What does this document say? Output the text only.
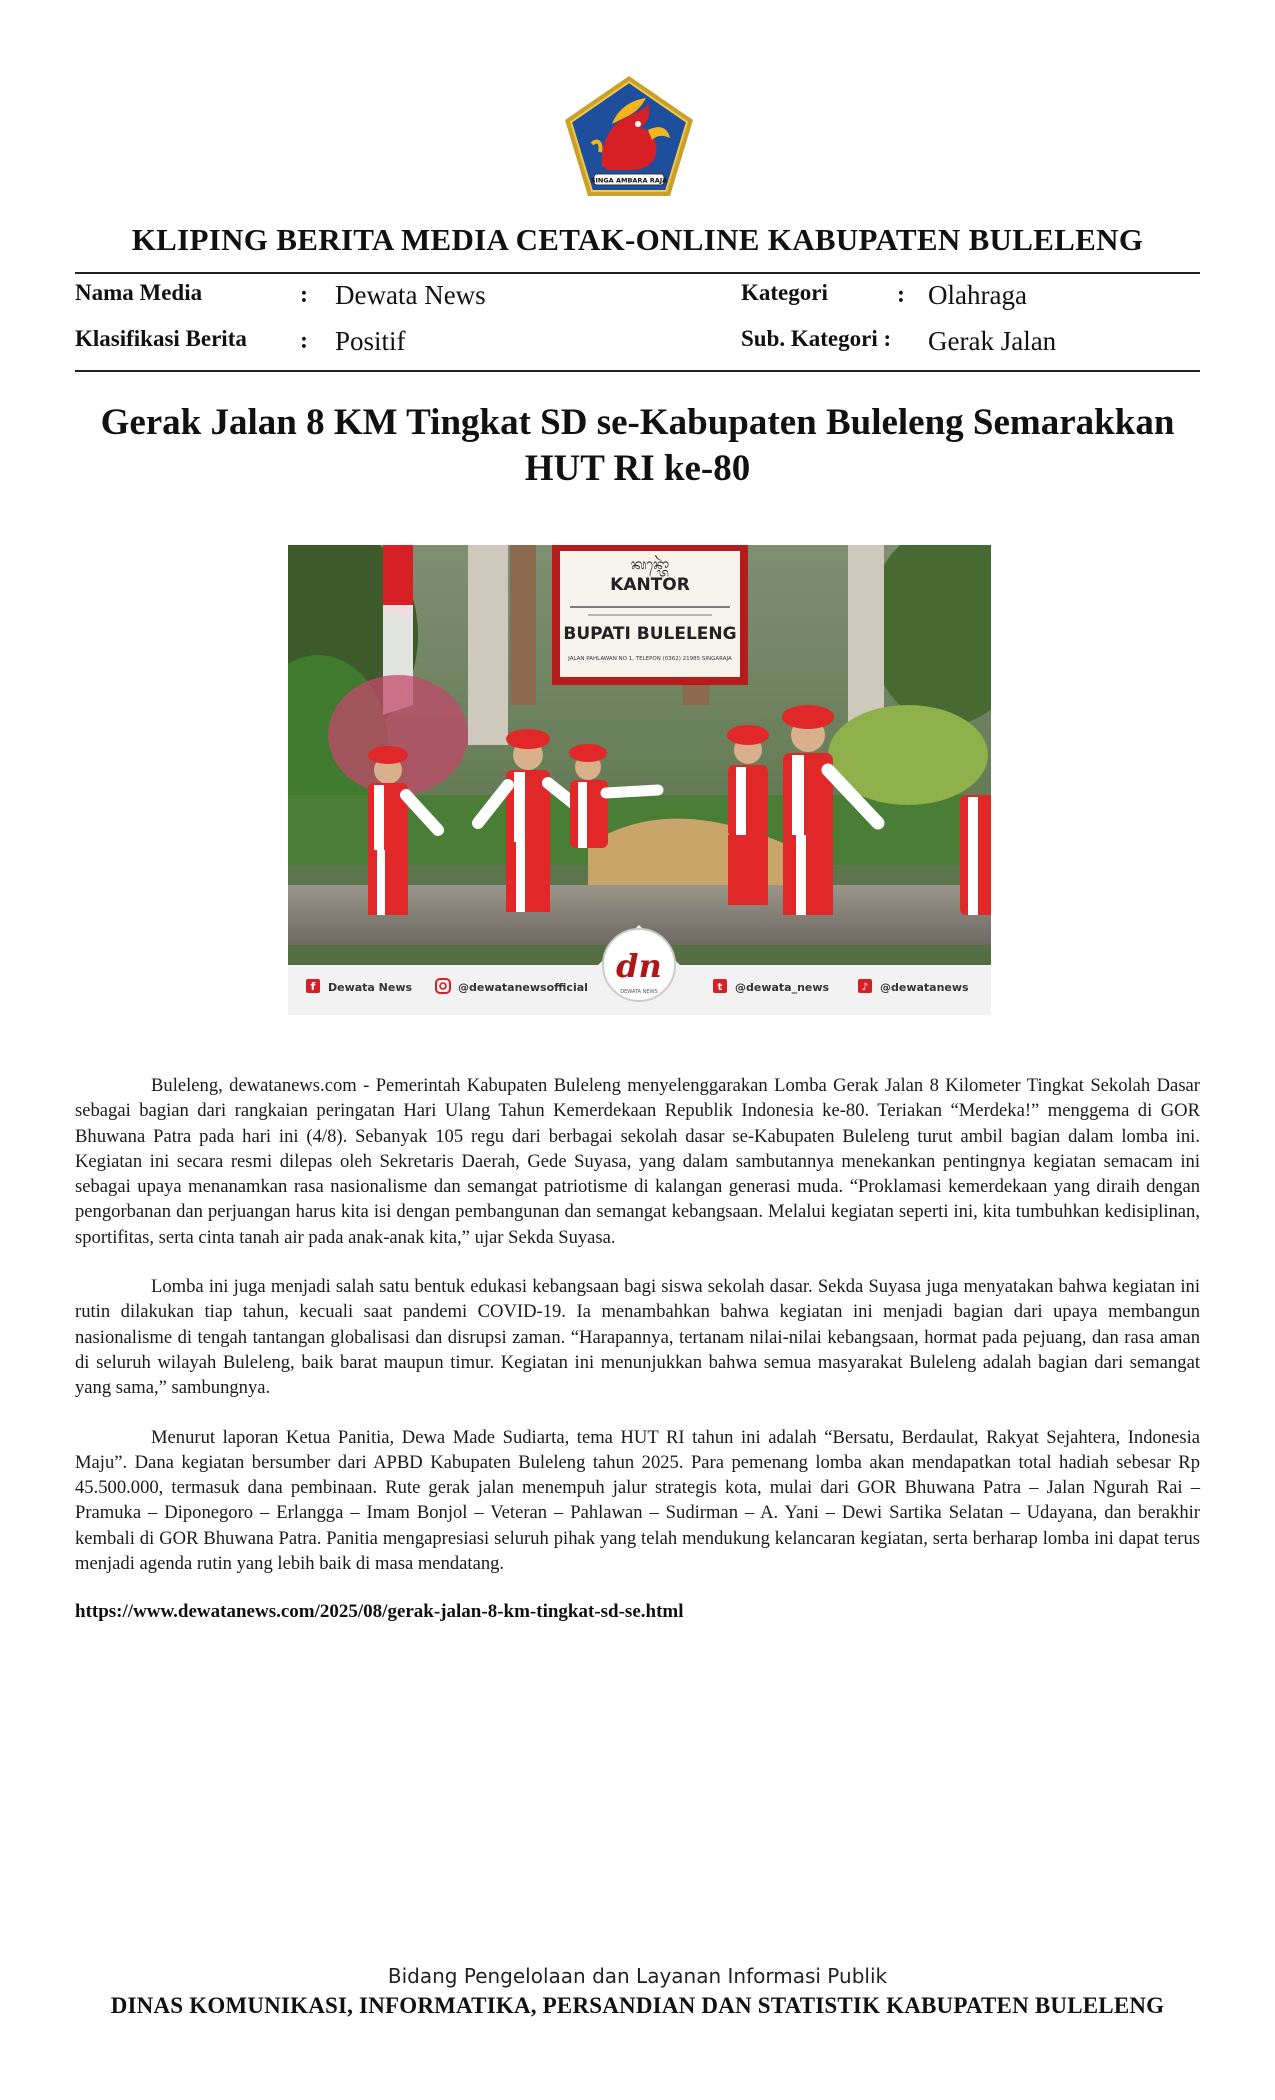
SINGA AMBARA RAJA
KLIPING BERITA MEDIA CETAK-ONLINE KABUPATEN BULELENG
Nama Media	: Dewata News	Kategori	: Olahraga
Klasifikasi Berita : Positif	Sub. Kategori : Gerak Jalan
Gerak Jalan 8 KM Tingkat SD se-Kabupaten Buleleng Semarakkan
HUT RI ke-80
ᬓᬦ᭄ᬢᭀᬃ
KANTOR
BUPATI BULELENG
JALAN PAHLAWAN NO 1, TELEPON (0362) 21985 SINGARAJA
dn
DEWATA NEWS
f Dewata News	@dewatanewsofficial	t @dewata_news	♪ @dewatanews

Buleleng, dewatanews.com - Pemerintah Kabupaten Buleleng menyelenggarakan Lomba Gerak Jalan 8 Kilometer Tingkat Sekolah Dasar sebagai bagian dari rangkaian peringatan Hari Ulang Tahun Kemerdekaan Republik Indonesia ke-80. Teriakan “Merdeka!” menggema di GOR Bhuwana Patra pada hari ini (4/8). Sebanyak 105 regu dari berbagai sekolah dasar se-Kabupaten Buleleng turut ambil bagian dalam lomba ini. Kegiatan ini secara resmi dilepas oleh Sekretaris Daerah, Gede Suyasa, yang dalam sambutannya menekankan pentingnya kegiatan semacam ini sebagai upaya menanamkan rasa nasionalisme dan semangat patriotisme di kalangan generasi muda. “Proklamasi kemerdekaan yang diraih dengan pengorbanan dan perjuangan harus kita isi dengan pembangunan dan semangat kebangsaan. Melalui kegiatan seperti ini, kita tumbuhkan kedisiplinan, sportifitas, serta cinta tanah air pada anak-anak kita,” ujar Sekda Suyasa.

Lomba ini juga menjadi salah satu bentuk edukasi kebangsaan bagi siswa sekolah dasar. Sekda Suyasa juga menyatakan bahwa kegiatan ini rutin dilakukan tiap tahun, kecuali saat pandemi COVID-19. Ia menambahkan bahwa kegiatan ini menjadi bagian dari upaya membangun nasionalisme di tengah tantangan globalisasi dan disrupsi zaman. “Harapannya, tertanam nilai-nilai kebangsaan, hormat pada pejuang, dan rasa aman di seluruh wilayah Buleleng, baik barat maupun timur. Kegiatan ini menunjukkan bahwa semua masyarakat Buleleng adalah bagian dari semangat yang sama,” sambungnya.

Menurut laporan Ketua Panitia, Dewa Made Sudiarta, tema HUT RI tahun ini adalah “Bersatu, Berdaulat, Rakyat Sejahtera, Indonesia Maju”. Dana kegiatan bersumber dari APBD Kabupaten Buleleng tahun 2025. Para pemenang lomba akan mendapatkan total hadiah sebesar Rp 45.500.000, termasuk dana pembinaan. Rute gerak jalan menempuh jalur strategis kota, mulai dari GOR Bhuwana Patra – Jalan Ngurah Rai – Pramuka – Diponegoro – Erlangga – Imam Bonjol – Veteran – Pahlawan – Sudirman – A. Yani – Dewi Sartika Selatan – Udayana, dan berakhir kembali di GOR Bhuwana Patra. Panitia mengapresiasi seluruh pihak yang telah mendukung kelancaran kegiatan, serta berharap lomba ini dapat terus menjadi agenda rutin yang lebih baik di masa mendatang.

https://www.dewatanews.com/2025/08/gerak-jalan-8-km-tingkat-sd-se.html
Bidang Pengelolaan dan Layanan Informasi Publik
DINAS KOMUNIKASI, INFORMATIKA, PERSANDIAN DAN STATISTIK KABUPATEN BULELENG
